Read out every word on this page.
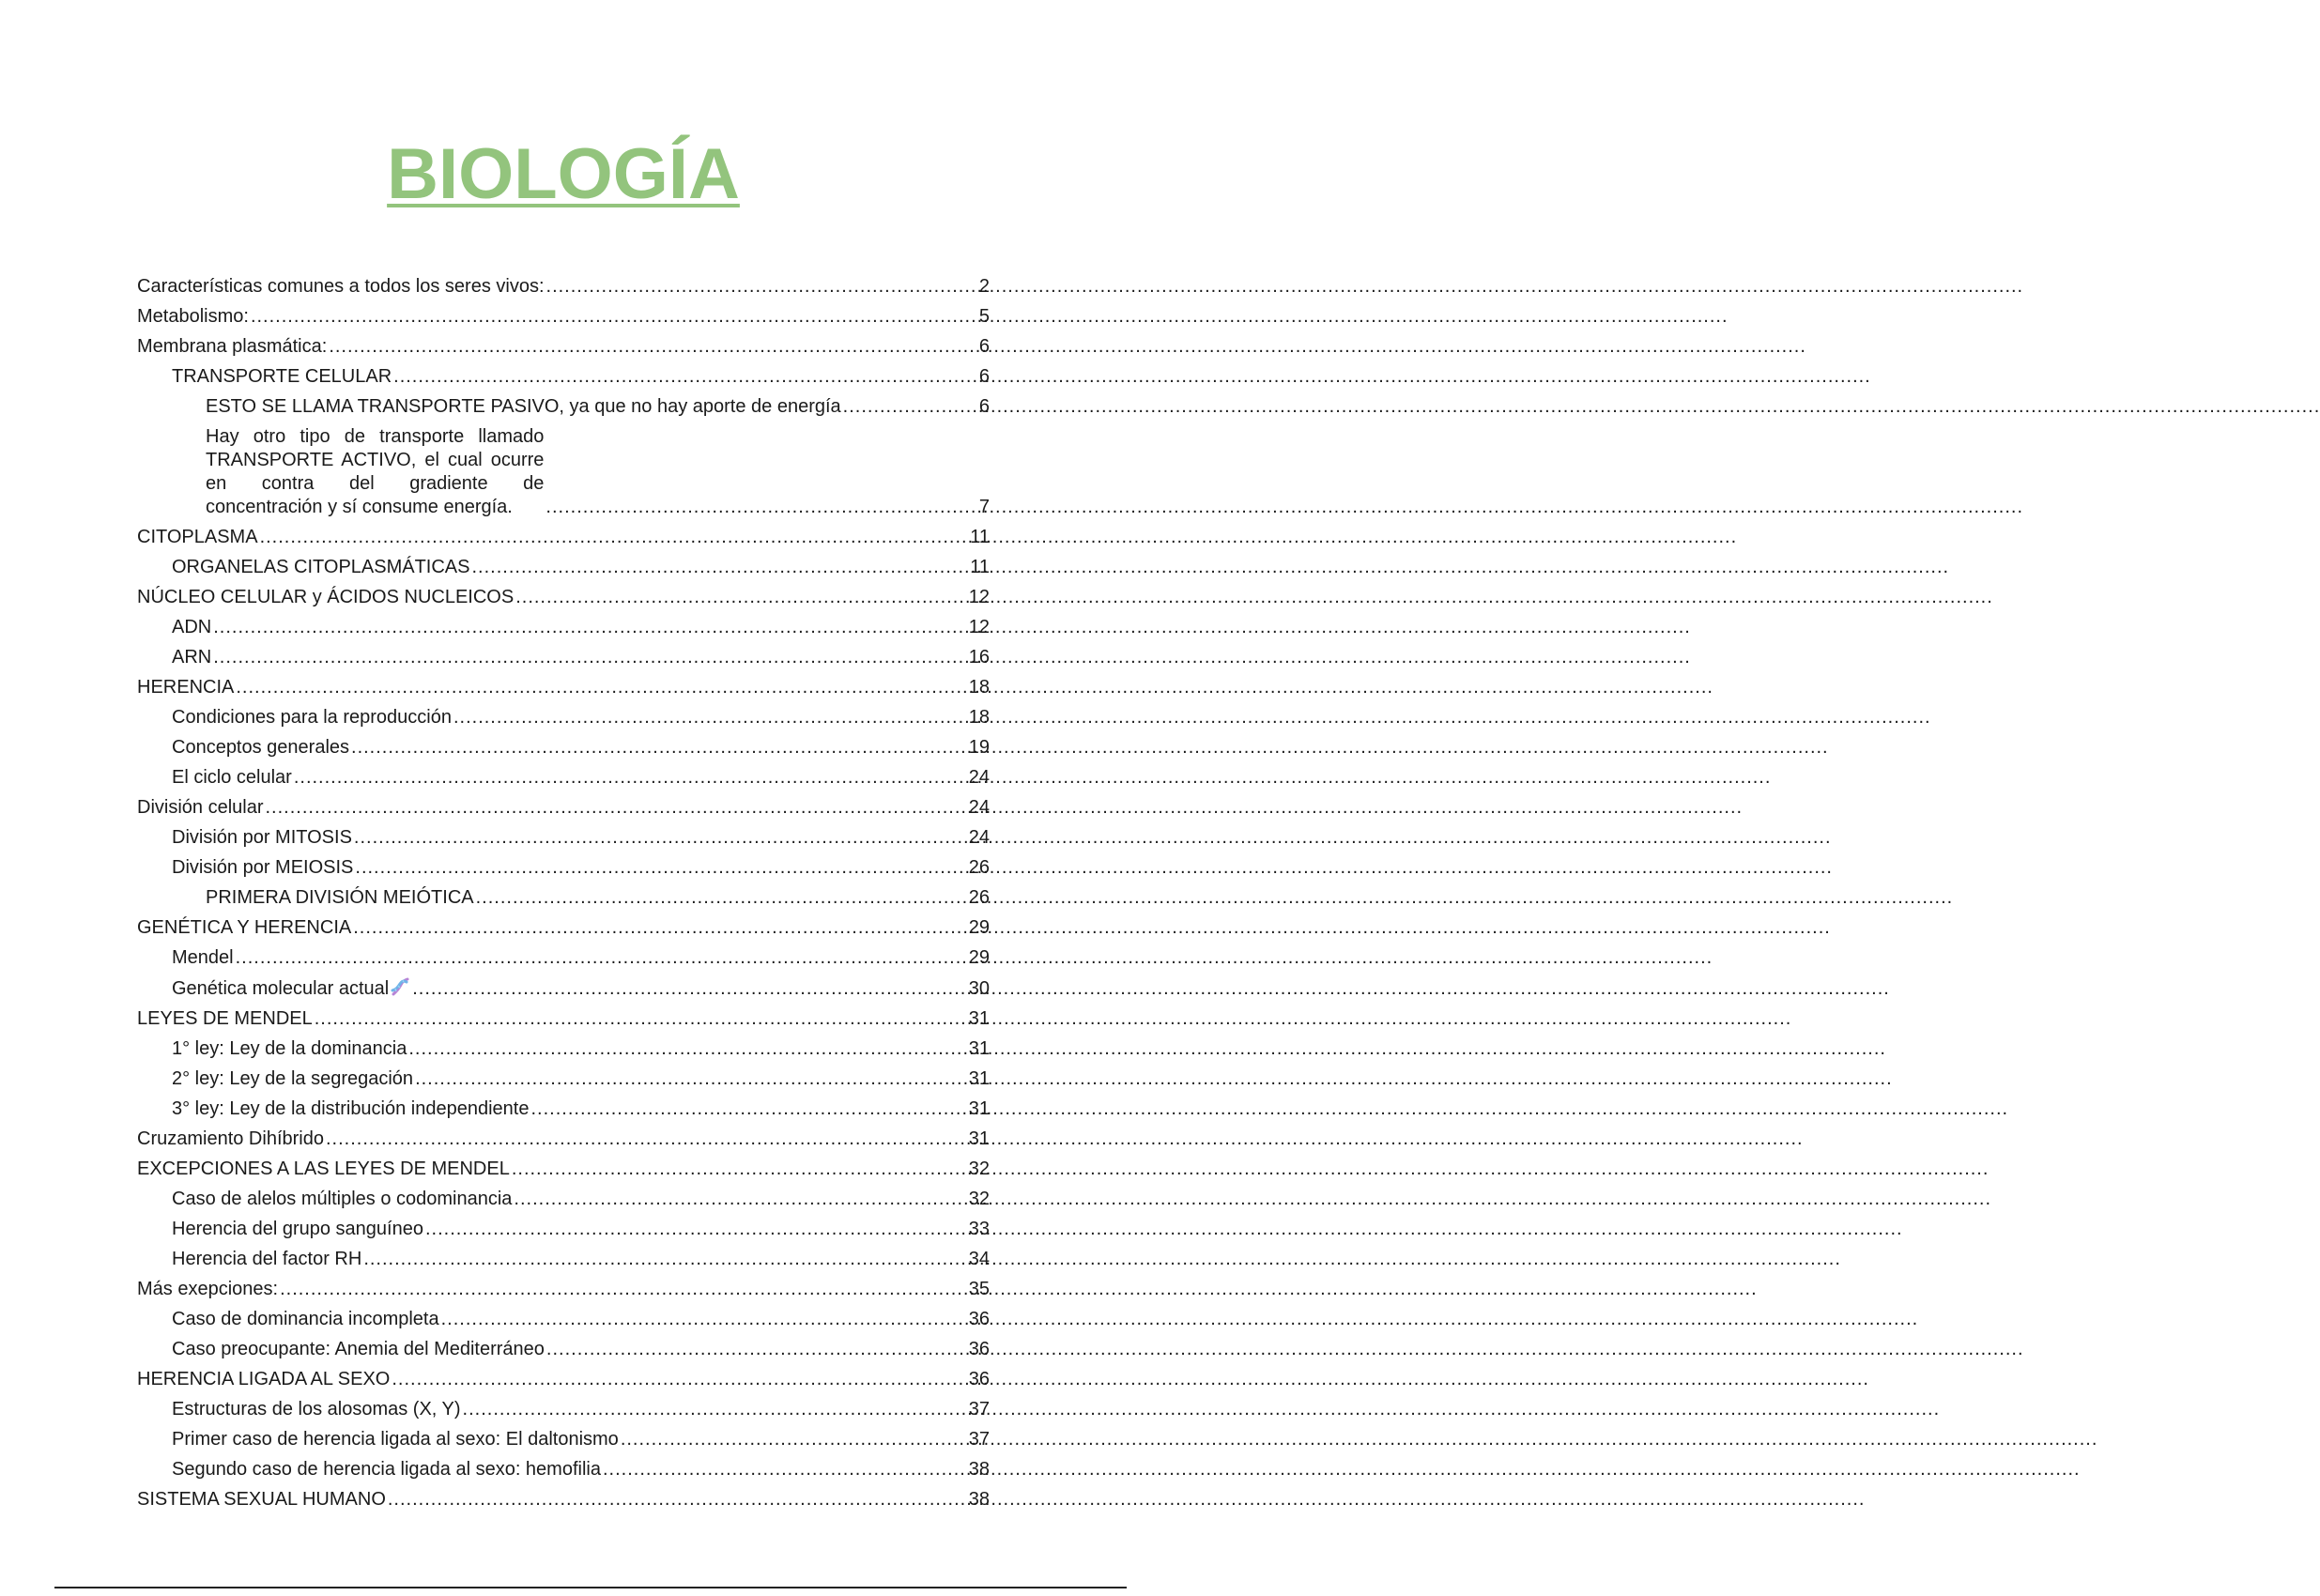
BIOLOGÍA
Características comunes a todos los seres vivos: .....	2
Metabolismo: .....	5
Membrana plasmática: .....	6
TRANSPORTE CELULAR .....	6
ESTO SE LLAMA TRANSPORTE PASIVO, ya que no hay aporte de energía .....	6
Hay otro tipo de transporte llamado TRANSPORTE ACTIVO, el cual ocurre en contra del gradiente de concentración y sí consume energía. .....	7
CITOPLASMA .....	11
ORGANELAS CITOPLASMÁTICAS .....	11
NÚCLEO CELULAR y ÁCIDOS NUCLEICOS .....	12
ADN .....	12
ARN .....	16
HERENCIA .....	18
Condiciones para la reproducción .....	18
Conceptos generales .....	19
El ciclo celular .....	24
División celular .....	24
División por MITOSIS .....	24
División por MEIOSIS .....	26
PRIMERA DIVISIÓN MEIÓTICA .....	26
GENÉTICA Y HERENCIA .....	29
Mendel .....	29
Genética molecular actual .....	30
LEYES DE MENDEL .....	31
1° ley: Ley de la dominancia .....	31
2° ley: Ley de la segregación .....	31
3° ley: Ley de la distribución independiente .....	31
Cruzamiento Dihíbrido .....	31
EXCEPCIONES A LAS LEYES DE MENDEL .....	32
Caso de alelos múltiples o codominancia .....	32
Herencia del grupo sanguíneo .....	33
Herencia del factor RH .....	34
Más exepciones: .....	35
Caso de dominancia incompleta .....	36
Caso preocupante: Anemia del Mediterráneo .....	36
HERENCIA LIGADA AL SEXO .....	36
Estructuras de los alosomas (X, Y) .....	37
Primer caso de herencia ligada al sexo: El daltonismo .....	37
Segundo caso de herencia ligada al sexo: hemofilia .....	38
SISTEMA SEXUAL HUMANO .....	38
